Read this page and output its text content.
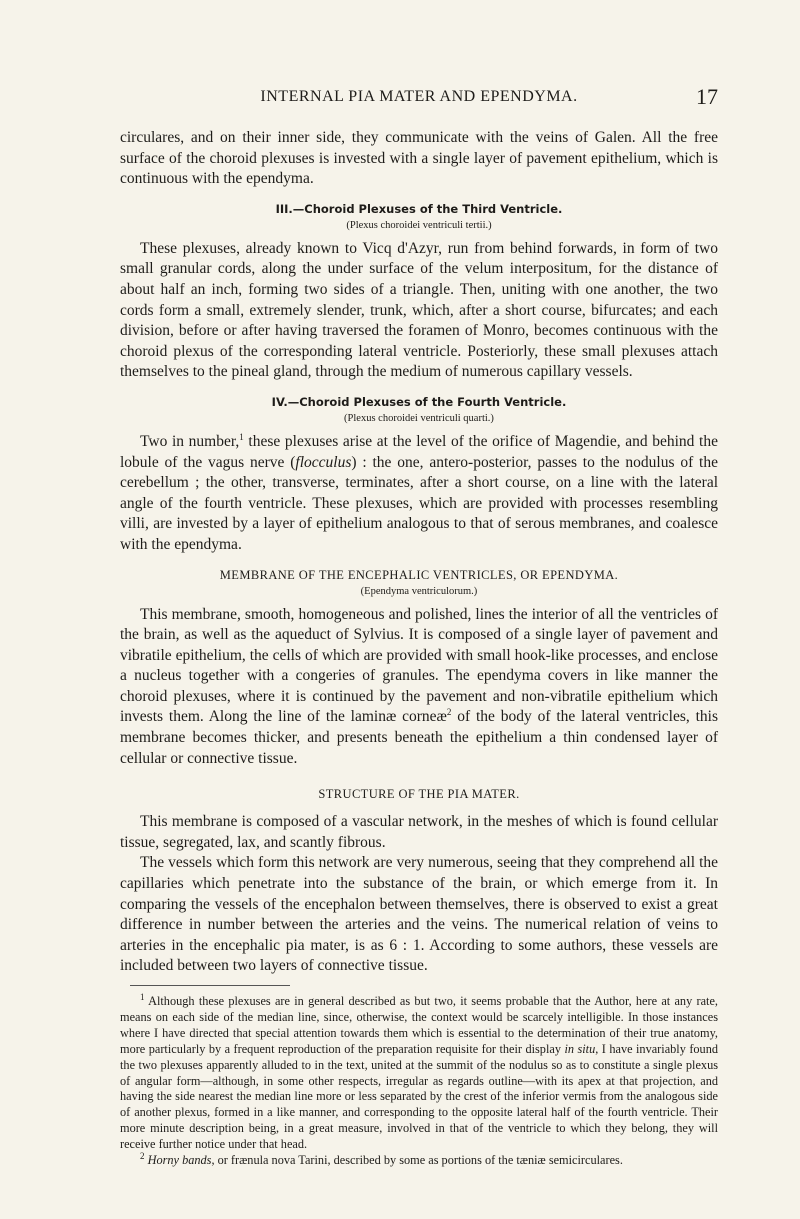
INTERNAL PIA MATER AND EPENDYMA.	17

circulares, and on their inner side, they communicate with the veins of Galen. All the free surface of the choroid plexuses is invested with a single layer of pavement epithelium, which is continuous with the ependyma.

III.—Choroid Plexuses of the Third Ventricle.
(Plexus choroidei ventriculi tertii.)

These plexuses, already known to Vicq d'Azyr, run from behind forwards, in form of two small granular cords, along the under surface of the velum interpositum, for the distance of about half an inch, forming two sides of a triangle. Then, uniting with one another, the two cords form a small, extremely slender, trunk, which, after a short course, bifurcates; and each division, before or after having traversed the foramen of Monro, becomes continuous with the choroid plexus of the corresponding lateral ventricle. Posteriorly, these small plexuses attach themselves to the pineal gland, through the medium of numerous capillary vessels.

IV.—Choroid Plexuses of the Fourth Ventricle.
(Plexus choroidei ventriculi quarti.)

Two in number,$^1$ these plexuses arise at the level of the orifice of Magendie, and behind the lobule of the vagus nerve (flocculus) : the one, antero-posterior, passes to the nodulus of the cerebellum ; the other, transverse, terminates, after a short course, on a line with the lateral angle of the fourth ventricle. These plexuses, which are provided with processes resembling villi, are invested by a layer of epithelium analogous to that of serous membranes, and coalesce with the ependyma.

MEMBRANE OF THE ENCEPHALIC VENTRICLES, OR EPENDYMA.
(Ependyma ventriculorum.)

This membrane, smooth, homogeneous and polished, lines the interior of all the ventricles of the brain, as well as the aqueduct of Sylvius. It is composed of a single layer of pavement and vibratile epithelium, the cells of which are provided with small hook-like processes, and enclose a nucleus together with a congeries of granules. The ependyma covers in like manner the choroid plexuses, where it is continued by the pavement and non-vibratile epithelium which invests them. Along the line of the laminæ corneæ$^2$ of the body of the lateral ventricles, this membrane becomes thicker, and presents beneath the epithelium a thin condensed layer of cellular or connective tissue.

STRUCTURE OF THE PIA MATER.

This membrane is composed of a vascular network, in the meshes of which is found cellular tissue, segregated, lax, and scantly fibrous.

The vessels which form this network are very numerous, seeing that they comprehend all the capillaries which penetrate into the substance of the brain, or which emerge from it. In comparing the vessels of the encephalon between themselves, there is observed to exist a great difference in number between the arteries and the veins. The numerical relation of veins to arteries in the encephalic pia mater, is as 6 : 1. According to some authors, these vessels are included between two layers of connective tissue.

$^1$ Although these plexuses are in general described as but two, it seems probable that the Author, here at any rate, means on each side of the median line, since, otherwise, the context would be scarcely intelligible. In those instances where I have directed that special attention towards them which is essential to the determination of their true anatomy, more particularly by a frequent reproduction of the preparation requisite for their display in situ, I have invariably found the two plexuses apparently alluded to in the text, united at the summit of the nodulus so as to constitute a single plexus of angular form—although, in some other respects, irregular as regards outline—with its apex at that projection, and having the side nearest the median line more or less separated by the crest of the inferior vermis from the analogous side of another plexus, formed in a like manner, and corresponding to the opposite lateral half of the fourth ventricle. Their more minute description being, in a great measure, involved in that of the ventricle to which they belong, they will receive further notice under that head.

$^2$ Horny bands, or frænula nova Tarini, described by some as portions of the tæniæ semicirculares.
